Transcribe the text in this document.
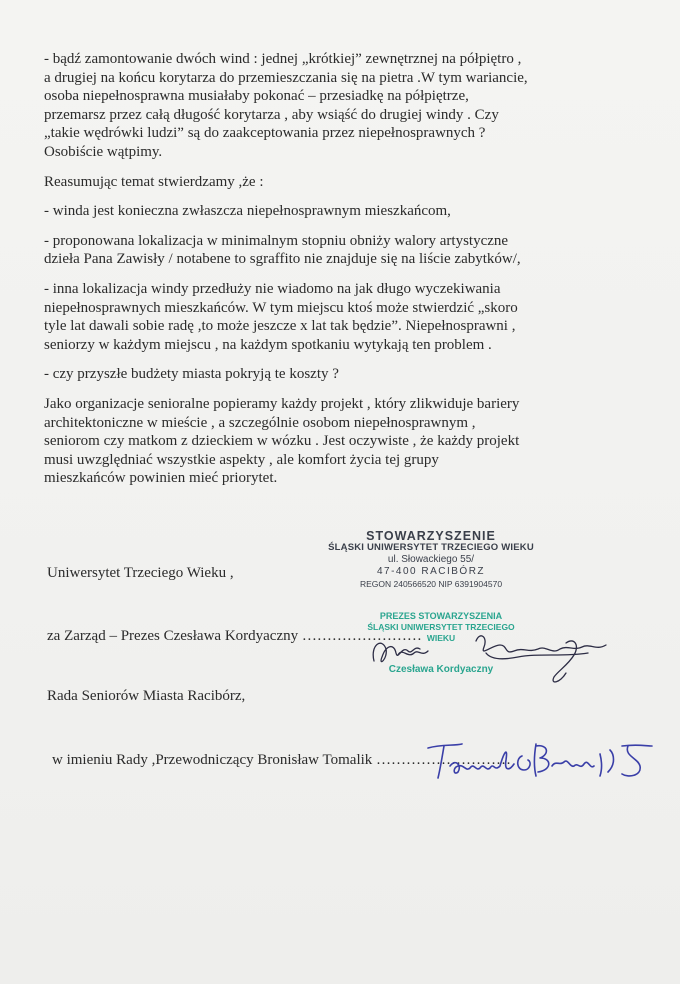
- bądź zamontowanie dwóch wind : jednej „krótkiej” zewnętrznej na półpiętro ,
a drugiej na końcu korytarza do przemieszczania się na pietra .W tym wariancie,
osoba niepełnosprawna musiałaby pokonać – przesiadkę na półpiętrze,
przemarsz przez całą długość korytarza , aby wsiąść do drugiej windy . Czy
„takie wędrówki ludzi” są do zaakceptowania przez niepełnosprawnych ?
Osobiście wątpimy.

Reasumując temat stwierdzamy ,że :

- winda jest konieczna zwłaszcza niepełnosprawnym mieszkańcom,

- proponowana lokalizacja w minimalnym stopniu obniży walory artystyczne
dzieła Pana Zawisły / notabene to sgraffito nie znajduje się na liście zabytków/,

- inna lokalizacja windy przedłuży nie wiadomo na jak długo wyczekiwania
niepełnosprawnych mieszkańców. W tym miejscu ktoś może stwierdzić „skoro
tyle lat dawali sobie radę ,to może jeszcze x lat tak będzie”. Niepełnosprawni ,
seniorzy w każdym miejscu , na każdym spotkaniu wytykają ten problem .

- czy przyszłe budżety miasta pokryją te koszty ?

Jako organizacje senioralne popieramy każdy projekt , który zlikwiduje bariery
architektoniczne w mieście , a szczególnie osobom niepełnosprawnym ,
seniorom czy matkom z dzieckiem w wózku . Jest oczywiste , że każdy projekt
musi uwzględniać wszystkie aspekty , ale komfort życia tej grupy
mieszkańców powinien mieć priorytet.

STOWARZYSZENIE
ŚLĄSKI UNIWERSYTET TRZECIEGO WIEKU
ul. Słowackiego 55/
47-400 RACIBÓRZ
REGON 240566520 NIP 6391904570
Uniwersytet Trzeciego Wieku ,
za Zarząd – Prezes Czesława Kordyaczny ……………………
PREZES STOWARZYSZENIA
ŚLĄSKI UNIWERSYTET TRZECIEGO WIEKU
Czesława Kordyaczny
Rada Seniorów Miasta Racibórz,
w imieniu Rady ,Przewodniczący Bronisław Tomalik ………………………
